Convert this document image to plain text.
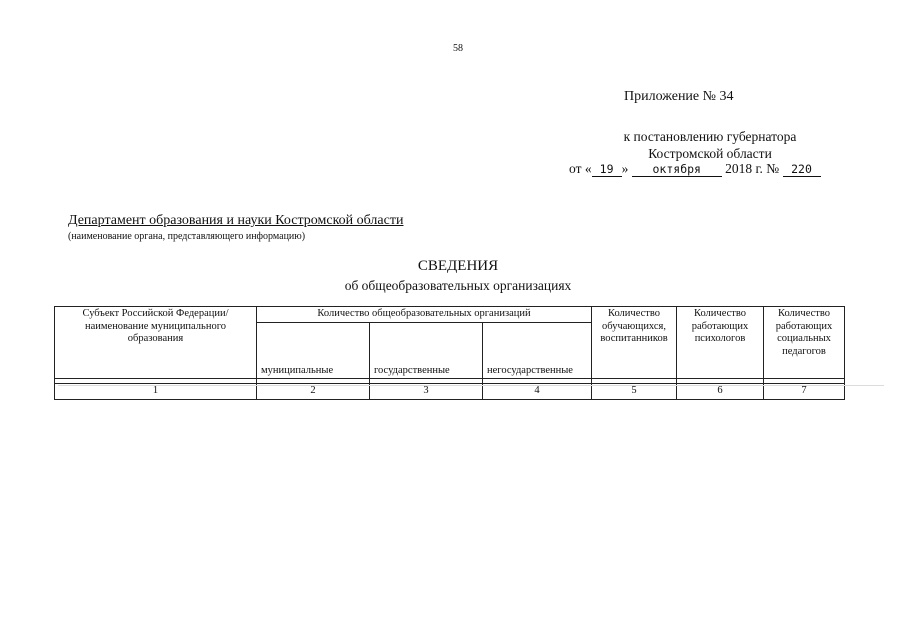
58
Приложение № 34
к постановлению губернатора
Костромской области
от « 19 » октября 2018 г. № 220
Департамент образования и науки Костромской области
(наименование органа, представляющего информацию)
СВЕДЕНИЯ
об общеобразовательных организациях
Субъект Российской Федерации/ наименование муниципального образования	Количество общеобразовательных организаций			Количество обучающихся, воспитанников	Количество работающих психологов	Количество работающих социальных педагогов
	муниципальные	государственные	негосударственные			

1	2	3	4	5	6	7
